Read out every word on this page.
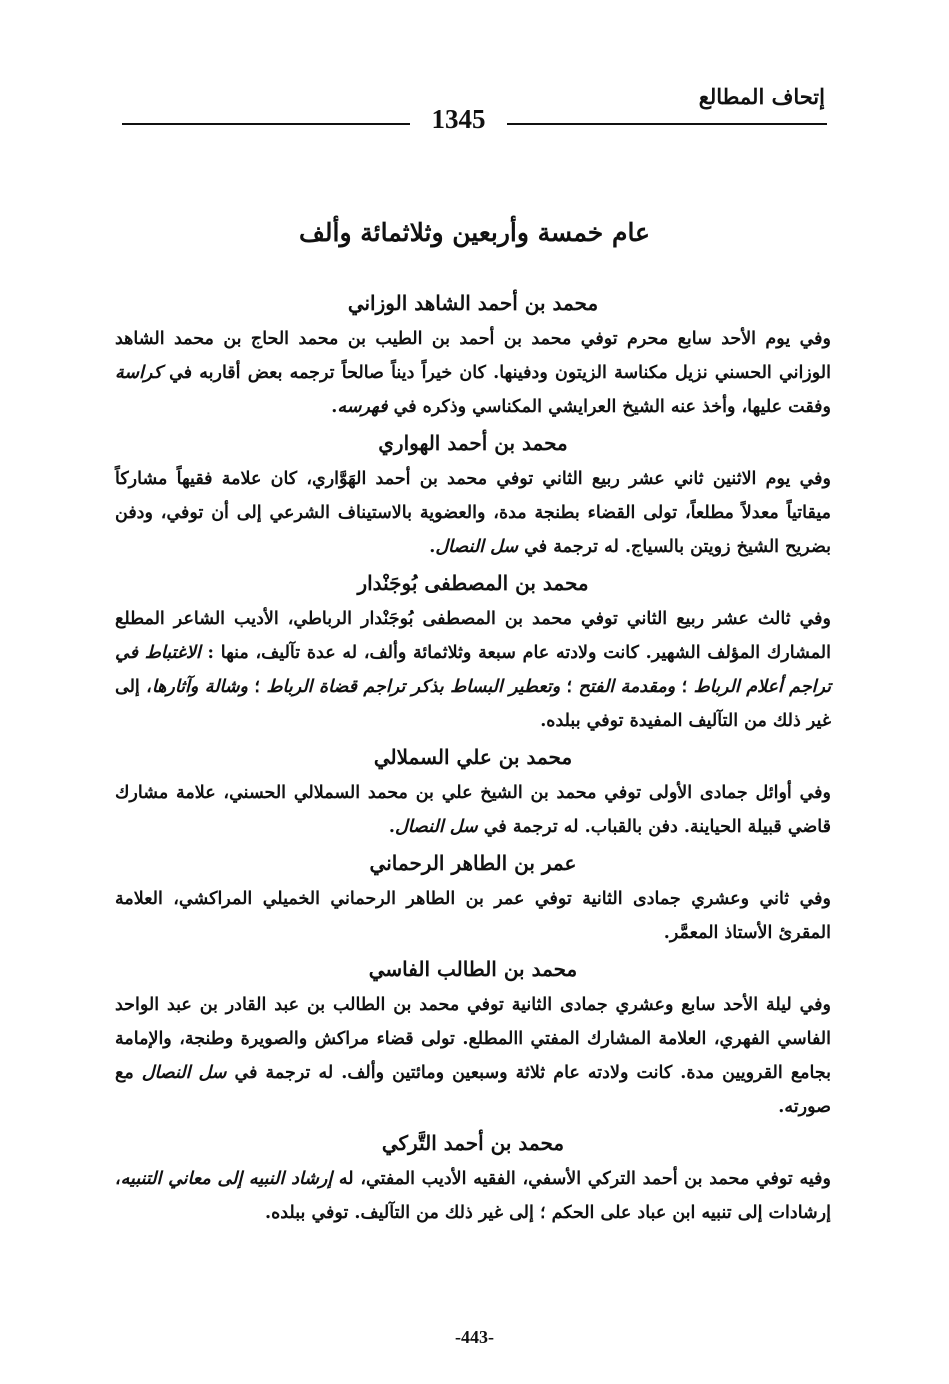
إتحاف المطالع
1345
عام خمسة وأربعين وثلاثمائة وألف
محمد بن أحمد الشاهد الوزاني

وفي يوم الأحد سابع محرم توفي محمد بن أحمد بن الطيب بن محمد الحاج بن محمد الشاهد الوزاني الحسني نزيل مكناسة الزيتون ودفينها. كان خيراً ديناً صالحاً ترجمه بعض أقاربه في كراسة وفقت عليها، وأخذ عنه الشيخ العرايشي المكناسي وذكره في فهرسه.

محمد بن أحمد الهواري

وفي يوم الاثنين ثاني عشر ربيع الثاني توفي محمد بن أحمد الهَوَّاري، كان علامة فقيهاً مشاركاً ميقاتياً معدلاً مطلعاً، تولى القضاء بطنجة مدة، والعضوية بالاستيناف الشرعي إلى أن توفي، ودفن بضريح الشيخ زويتن بالسياج. له ترجمة في سل النصال.

محمد بن المصطفى بُوجَنْدار

وفي ثالث عشر ربيع الثاني توفي محمد بن المصطفى بُوجَنْدار الرباطي، الأديب الشاعر المطلع المشارك المؤلف الشهير. كانت ولادته عام سبعة وثلاثمائة وألف، له عدة تآليف، منها : الاغتباط في تراجم أعلام الرباط ؛ ومقدمة الفتح ؛ وتعطير البساط بذكر تراجم قضاة الرباط ؛ وشالة وآثارها، إلى غير ذلك من التآليف المفيدة توفي ببلده.

محمد بن علي السملالي

وفي أوائل جمادى الأولى توفي محمد بن الشيخ علي بن محمد السملالي الحسني، علامة مشارك قاضي قبيلة الحياينة. دفن بالقباب. له ترجمة في سل النصال.

عمر بن الطاهر الرحماني

وفي ثاني وعشري جمادى الثانية توفي عمر بن الطاهر الرحماني الخميلي المراكشي، العلامة المقرئ الأستاذ المعمَّر.

محمد بن الطالب الفاسي

وفي ليلة الأحد سابع وعشري جمادى الثانية توفي محمد بن الطالب بن عبد القادر بن عبد الواحد الفاسي الفهري، العلامة المشارك المفتي االمطلع. تولى قضاء مراكش والصويرة وطنجة، والإمامة بجامع القرويين مدة. كانت ولادته عام ثلاثة وسبعين ومائتين وألف. له ترجمة في سل النصال مع صورته.

محمد بن أحمد التَّركي

وفيه توفي محمد بن أحمد التركي الأسفي، الفقيه الأديب المفتي، له إرشاد النبيه إلى معاني التنبيه، إرشادات إلى تنبيه ابن عباد على الحكم ؛ إلى غير ذلك من التآليف. توفي ببلده.

-443-
